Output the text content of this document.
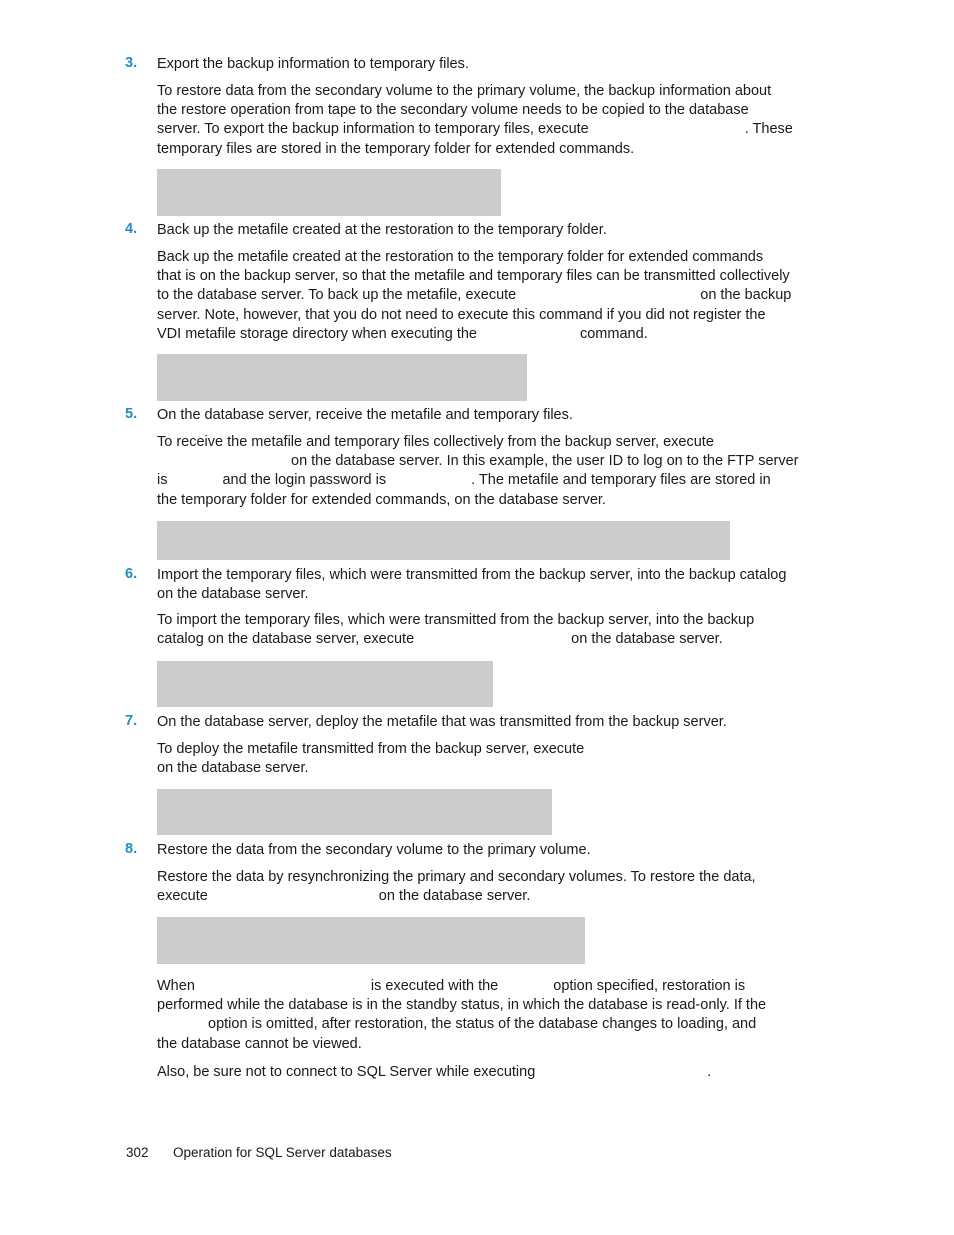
3. Export the backup information to temporary files.
To restore data from the secondary volume to the primary volume, the backup information about
the restore operation from tape to the secondary volume needs to be copied to the database
server. To export the backup information to temporary files, execute	. These
temporary files are stored in the temporary folder for extended commands.
4. Back up the metafile created at the restoration to the temporary folder.
Back up the metafile created at the restoration to the temporary folder for extended commands
that is on the backup server, so that the metafile and temporary files can be transmitted collectively
to the database server. To back up the metafile, execute	on the backup
server. Note, however, that you do not need to execute this command if you did not register the
VDI metafile storage directory when executing the	command.
5. On the database server, receive the metafile and temporary files.
To receive the metafile and temporary files collectively from the backup server, execute
on the database server. In this example, the user ID to log on to the FTP server
is	and the login password is	. The metafile and temporary files are stored in
the temporary folder for extended commands, on the database server.
6. Import the temporary files, which were transmitted from the backup server, into the backup catalog
on the database server.
To import the temporary files, which were transmitted from the backup server, into the backup
catalog on the database server, execute	on the database server.
7. On the database server, deploy the metafile that was transmitted from the backup server.
To deploy the metafile transmitted from the backup server, execute
on the database server.
8. Restore the data from the secondary volume to the primary volume.
Restore the data by resynchronizing the primary and secondary volumes. To restore the data,
execute	on the database server.
When	is executed with the	option specified, restoration is
performed while the database is in the standby status, in which the database is read-only. If the
option is omitted, after restoration, the status of the database changes to loading, and
the database cannot be viewed.
Also, be sure not to connect to SQL Server while executing	.
302 Operation for SQL Server databases
